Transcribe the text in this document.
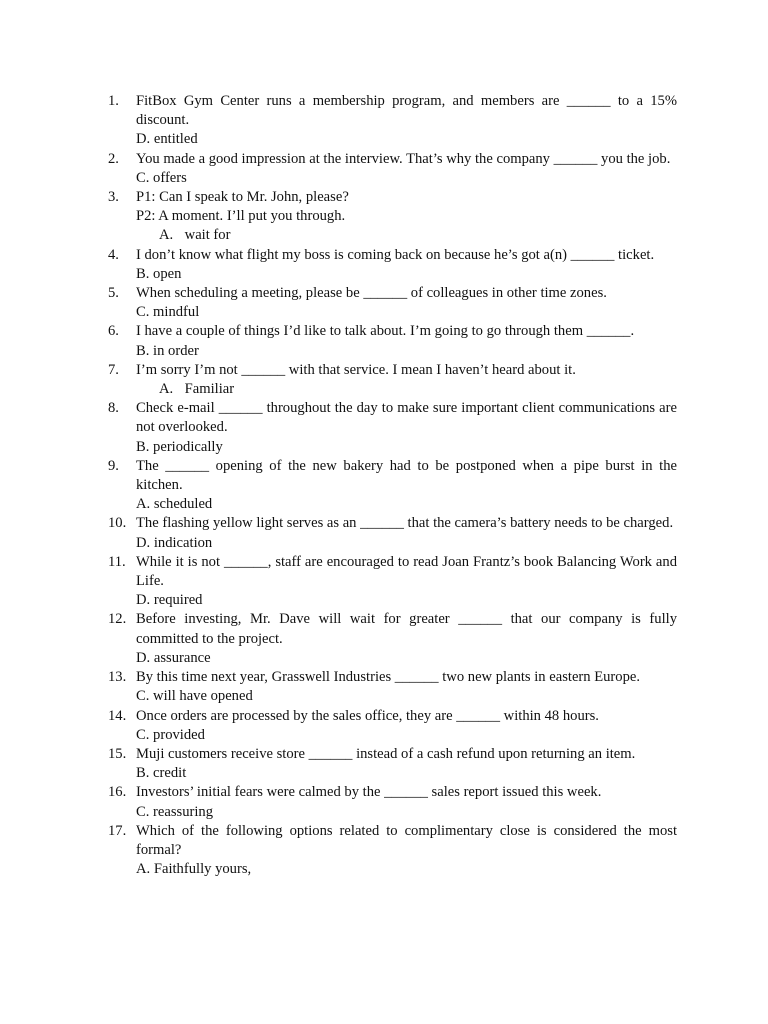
1.	FitBox Gym Center runs a membership program, and members are ______ to a 15% discount.
D. entitled
2.	You made a good impression at the interview. That’s why the company ______ you the job.
C. offers
3.	P1: Can I speak to Mr. John, please?
P2: A moment. I’ll put you through.
A. wait for
4.	I don’t know what flight my boss is coming back on because he’s got a(n) ______ ticket.
B. open
5.	When scheduling a meeting, please be ______ of colleagues in other time zones.
C. mindful
6.	I have a couple of things I’d like to talk about. I’m going to go through them ______.
B. in order
7.	I’m sorry I’m not ______ with that service. I mean I haven’t heard about it.
A. Familiar
8.	Check e-mail ______ throughout the day to make sure important client communications are not overlooked.
B. periodically
9.	The ______ opening of the new bakery had to be postponed when a pipe burst in the kitchen.
A. scheduled
10. The flashing yellow light serves as an ______ that the camera’s battery needs to be charged.
D. indication
11. While it is not ______, staff are encouraged to read Joan Frantz’s book Balancing Work and Life.
D. required
12. Before investing, Mr. Dave will wait for greater ______ that our company is fully committed to the project.
D. assurance
13. By this time next year, Grasswell Industries ______ two new plants in eastern Europe.
C. will have opened
14. Once orders are processed by the sales office, they are ______ within 48 hours.
C. provided
15. Muji customers receive store ______ instead of a cash refund upon returning an item.
B. credit
16. Investors’ initial fears were calmed by the ______ sales report issued this week.
C. reassuring
17. Which of the following options related to complimentary close is considered the most formal?
A. Faithfully yours,
